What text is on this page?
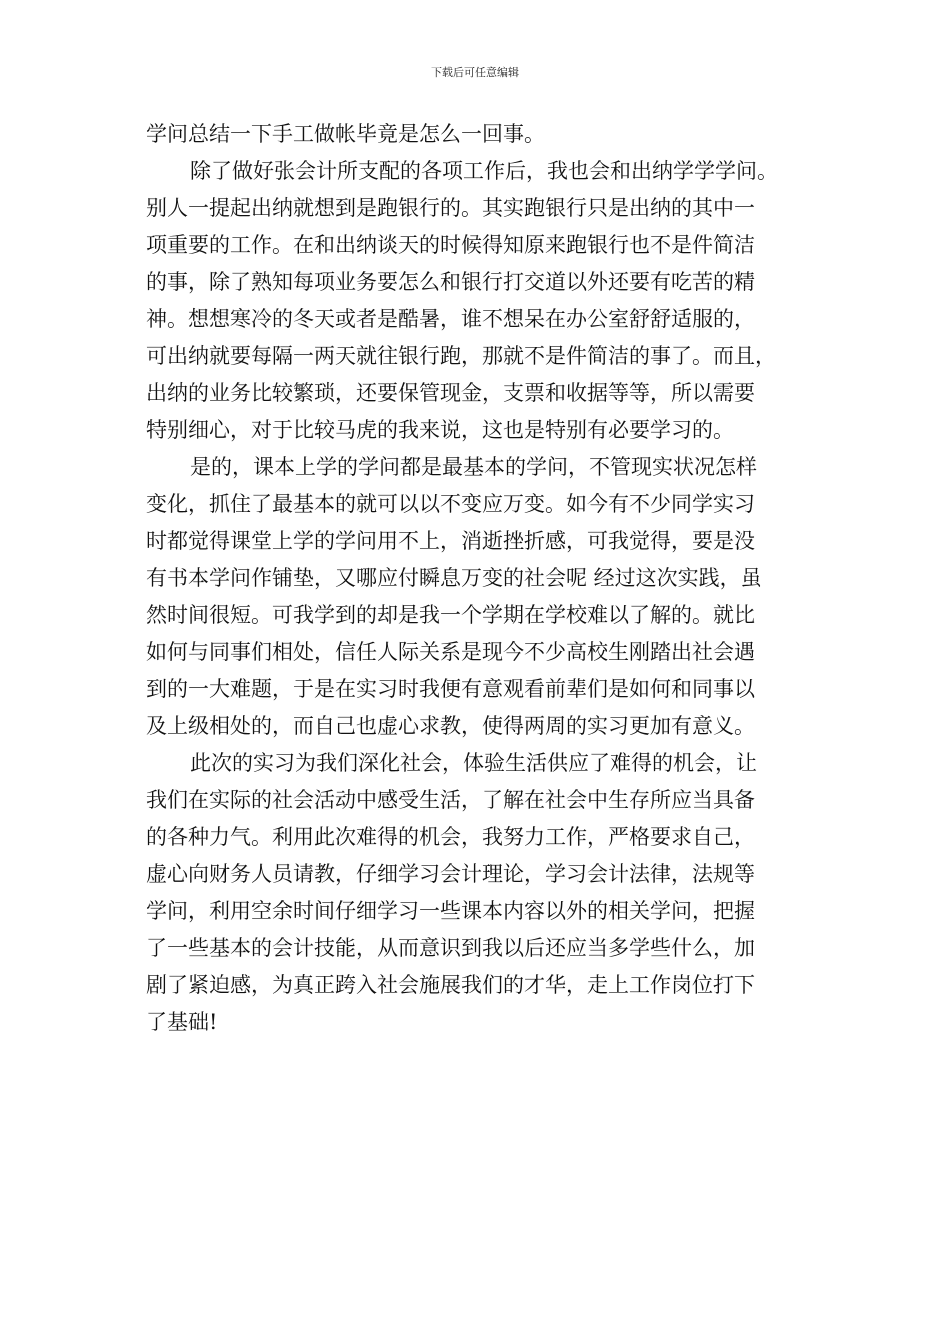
下载后可任意编辑
学问总结一下手工做帐毕竟是怎么一回事。
除了做好张会计所支配的各项工作后，我也会和出纳学学学问。
别人一提起出纳就想到是跑银行的。其实跑银行只是出纳的其中一
项重要的工作。在和出纳谈天的时候得知原来跑银行也不是件简洁
的事，除了熟知每项业务要怎么和银行打交道以外还要有吃苦的精
神。想想寒冷的冬天或者是酷暑，谁不想呆在办公室舒舒适服的，
可出纳就要每隔一两天就往银行跑，那就不是件简洁的事了。而且，
出纳的业务比较繁琐，还要保管现金，支票和收据等等，所以需要
特别细心，对于比较马虎的我来说，这也是特别有必要学习的。
是的，课本上学的学问都是最基本的学问，不管现实状况怎样
变化，抓住了最基本的就可以以不变应万变。如今有不少同学实习
时都觉得课堂上学的学问用不上，消逝挫折感，可我觉得，要是没
有书本学问作铺垫，又哪应付瞬息万变的社会呢 经过这次实践，虽
然时间很短。可我学到的却是我一个学期在学校难以了解的。就比
如何与同事们相处，信任人际关系是现今不少高校生刚踏出社会遇
到的一大难题，于是在实习时我便有意观看前辈们是如何和同事以
及上级相处的，而自己也虚心求教，使得两周的实习更加有意义。
此次的实习为我们深化社会，体验生活供应了难得的机会，让
我们在实际的社会活动中感受生活，了解在社会中生存所应当具备
的各种力气。利用此次难得的机会，我努力工作，严格要求自己，
虚心向财务人员请教，仔细学习会计理论，学习会计法律，法规等
学问，利用空余时间仔细学习一些课本内容以外的相关学问，把握
了一些基本的会计技能，从而意识到我以后还应当多学些什么，加
剧了紧迫感，为真正跨入社会施展我们的才华，走上工作岗位打下
了基础!
